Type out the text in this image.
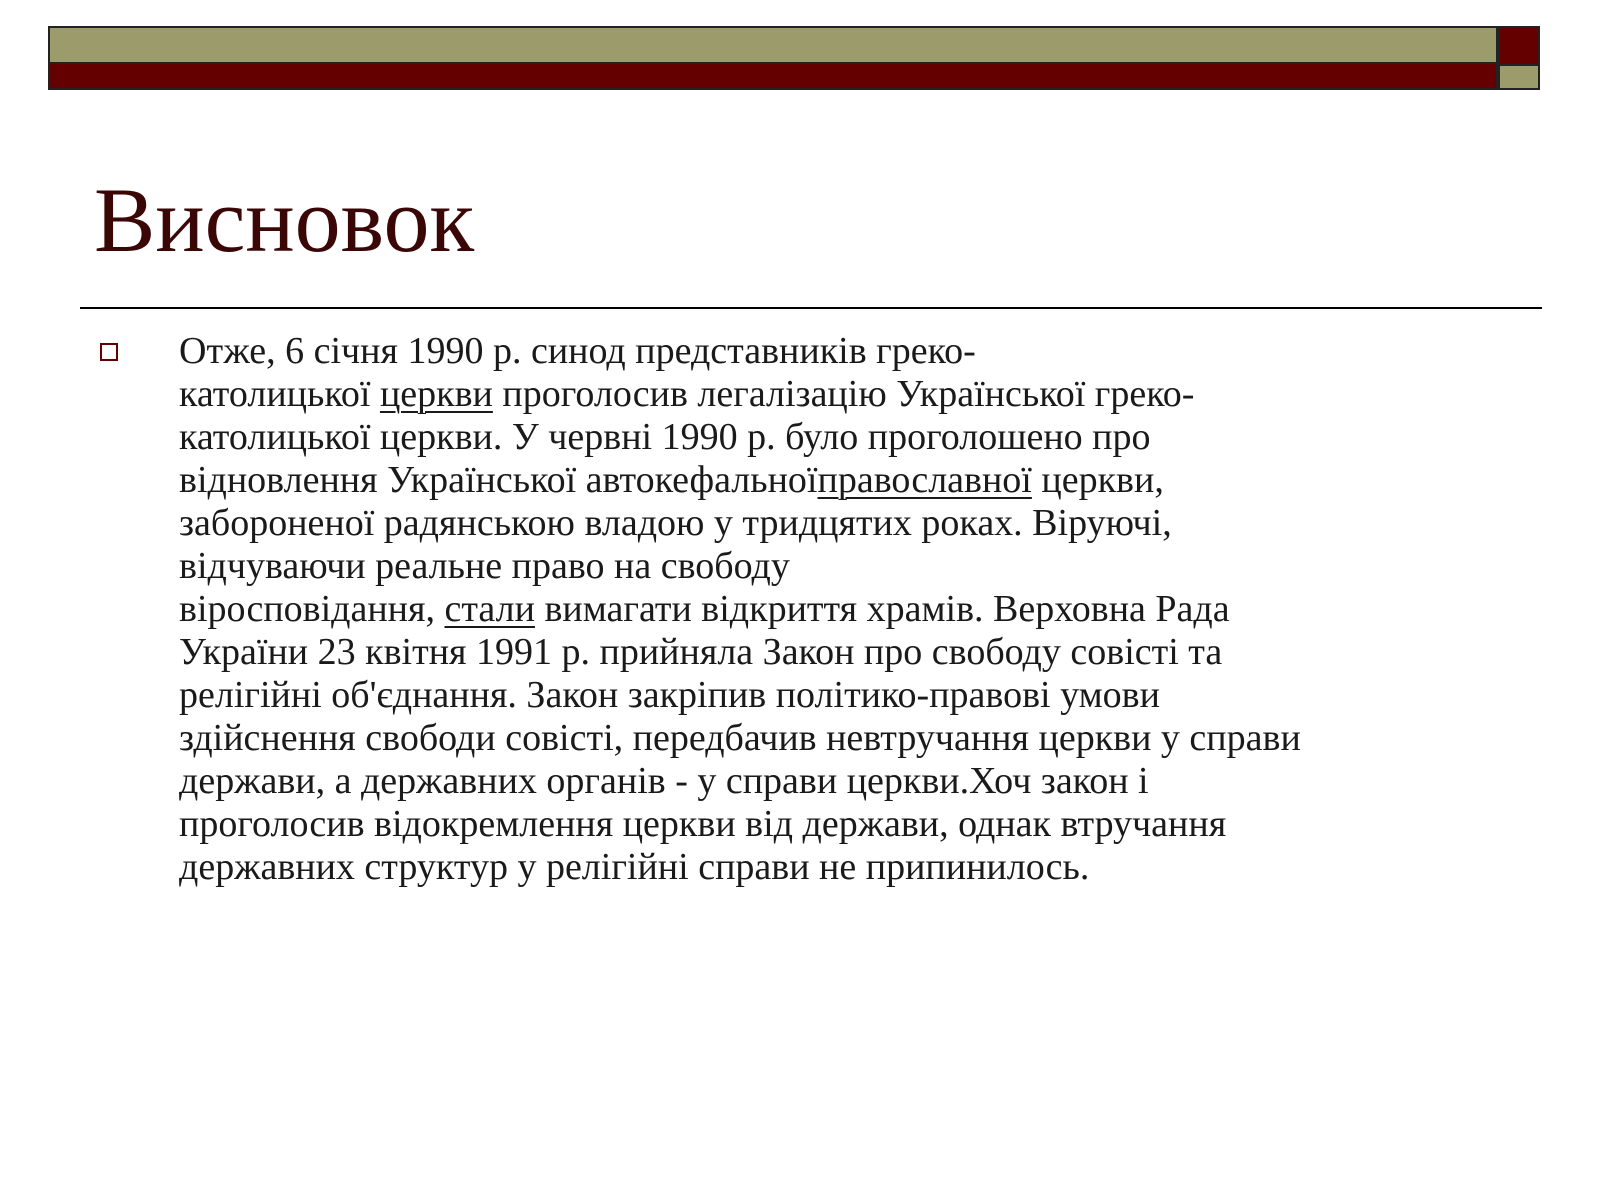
Висновок

Отже, 6 січня 1990 р. синод представників греко-
католицької церкви проголосив легалізацію Української греко-
католицької церкви. У червні 1990 р. було проголошено про
відновлення Української автокефальноїправославної церкви,
забороненої радянською владою у тридцятих роках. Віруючі,
відчуваючи реальне право на свободу
віросповідання, стали вимагати відкриття храмів. Верховна Рада
України 23 квітня 1991 р. прийняла Закон про свободу совісті та
релігійні об'єднання. Закон закріпив політико-правові умови
здійснення свободи совісті, передбачив невтручання церкви у справи
держави, а державних органів - у справи церкви.Хоч закон і
проголосив відокремлення церкви від держави, однак втручання
державних структур у релігійні справи не припинилось.
